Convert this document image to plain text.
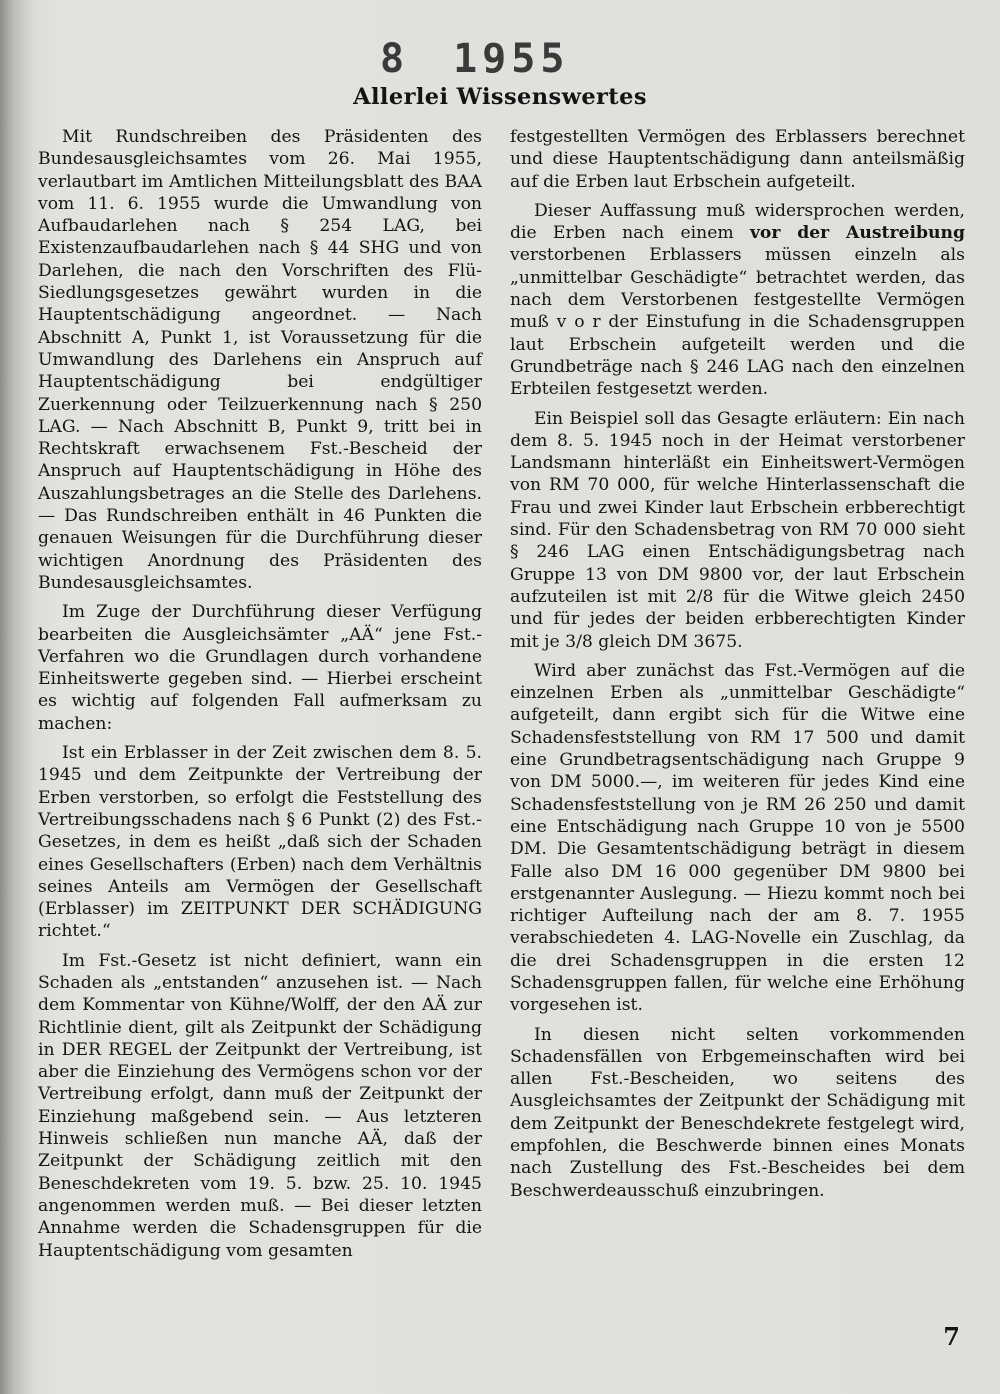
8 1955
Allerlei Wissenswertes

Mit Rundschreiben des Präsidenten des Bundesausgleichsamtes vom 26. Mai 1955, verlautbart im Amtlichen Mitteilungsblatt des BAA vom 11. 6. 1955 wurde die Umwandlung von Aufbaudarlehen nach § 254 LAG, bei Existenzaufbaudarlehen nach § 44 SHG und von Darlehen, die nach den Vorschriften des Flü-Siedlungsgesetzes gewährt wurden in die Hauptentschädigung angeordnet. — Nach Abschnitt A, Punkt 1, ist Voraussetzung für die Umwandlung des Darlehens ein Anspruch auf Hauptentschädigung bei endgültiger Zuerkennung oder Teilzuerkennung nach § 250 LAG. — Nach Abschnitt B, Punkt 9, tritt bei in Rechtskraft erwachsenem Fst.-Bescheid der Anspruch auf Hauptentschädigung in Höhe des Auszahlungsbetrages an die Stelle des Darlehens. — Das Rundschreiben enthält in 46 Punkten die genauen Weisungen für die Durchführung dieser wichtigen Anordnung des Präsidenten des Bundesausgleichsamtes.

Im Zuge der Durchführung dieser Verfügung bearbeiten die Ausgleichsämter „AÄ“ jene Fst.-Verfahren wo die Grundlagen durch vorhandene Einheitswerte gegeben sind. — Hierbei erscheint es wichtig auf folgenden Fall aufmerksam zu machen:

Ist ein Erblasser in der Zeit zwischen dem 8. 5. 1945 und dem Zeitpunkte der Vertreibung der Erben verstorben, so erfolgt die Feststellung des Vertreibungsschadens nach § 6 Punkt (2) des Fst.-Gesetzes, in dem es heißt „daß sich der Schaden eines Gesellschafters (Erben) nach dem Verhältnis seines Anteils am Vermögen der Gesellschaft (Erblasser) im ZEITPUNKT DER SCHÄDIGUNG richtet.“

Im Fst.-Gesetz ist nicht definiert, wann ein Schaden als „entstanden“ anzusehen ist. — Nach dem Kommentar von Kühne/Wolff, der den AÄ zur Richtlinie dient, gilt als Zeitpunkt der Schädigung in DER REGEL der Zeitpunkt der Vertreibung, ist aber die Einziehung des Vermögens schon vor der Vertreibung erfolgt, dann muß der Zeitpunkt der Einziehung maßgebend sein. — Aus letzteren Hinweis schließen nun manche AÄ, daß der Zeitpunkt der Schädigung zeitlich mit den Beneschdekreten vom 19. 5. bzw. 25. 10. 1945 angenommen werden muß. — Bei dieser letzten Annahme werden die Schadensgruppen für die Hauptentschädigung vom gesamten

festgestellten Vermögen des Erblassers berechnet und diese Hauptentschädigung dann anteilsmäßig auf die Erben laut Erbschein aufgeteilt.

Dieser Auffassung muß widersprochen werden, die Erben nach einem vor der Austreibung verstorbenen Erblassers müssen einzeln als „unmittelbar Geschädigte“ betrachtet werden, das nach dem Verstorbenen festgestellte Vermögen muß v o r der Einstufung in die Schadensgruppen laut Erbschein aufgeteilt werden und die Grundbeträge nach § 246 LAG nach den einzelnen Erbteilen festgesetzt werden.

Ein Beispiel soll das Gesagte erläutern: Ein nach dem 8. 5. 1945 noch in der Heimat verstorbener Landsmann hinterläßt ein Einheitswert-Vermögen von RM 70 000, für welche Hinterlassenschaft die Frau und zwei Kinder laut Erbschein erbberechtigt sind. Für den Schadensbetrag von RM 70 000 sieht § 246 LAG einen Entschädigungsbetrag nach Gruppe 13 von DM 9800 vor, der laut Erbschein aufzuteilen ist mit 2/8 für die Witwe gleich 2450 und für jedes der beiden erbberechtigten Kinder mit je 3/8 gleich DM 3675.

Wird aber zunächst das Fst.-Vermögen auf die einzelnen Erben als „unmittelbar Geschädigte“ aufgeteilt, dann ergibt sich für die Witwe eine Schadensfeststellung von RM 17 500 und damit eine Grundbetragsentschädigung nach Gruppe 9 von DM 5000.—, im weiteren für jedes Kind eine Schadensfeststellung von je RM 26 250 und damit eine Entschädigung nach Gruppe 10 von je 5500 DM. Die Gesamtentschädigung beträgt in diesem Falle also DM 16 000 gegenüber DM 9800 bei erstgenannter Auslegung. — Hiezu kommt noch bei richtiger Aufteilung nach der am 8. 7. 1955 verabschiedeten 4. LAG-Novelle ein Zuschlag, da die drei Schadensgruppen in die ersten 12 Schadensgruppen fallen, für welche eine Erhöhung vorgesehen ist.

In diesen nicht selten vorkommenden Schadensfällen von Erbgemeinschaften wird bei allen Fst.-Bescheiden, wo seitens des Ausgleichsamtes der Zeitpunkt der Schädigung mit dem Zeitpunkt der Beneschdekrete festgelegt wird, empfohlen, die Beschwerde binnen eines Monats nach Zustellung des Fst.-Bescheides bei dem Beschwerdeausschuß einzubringen.

7
